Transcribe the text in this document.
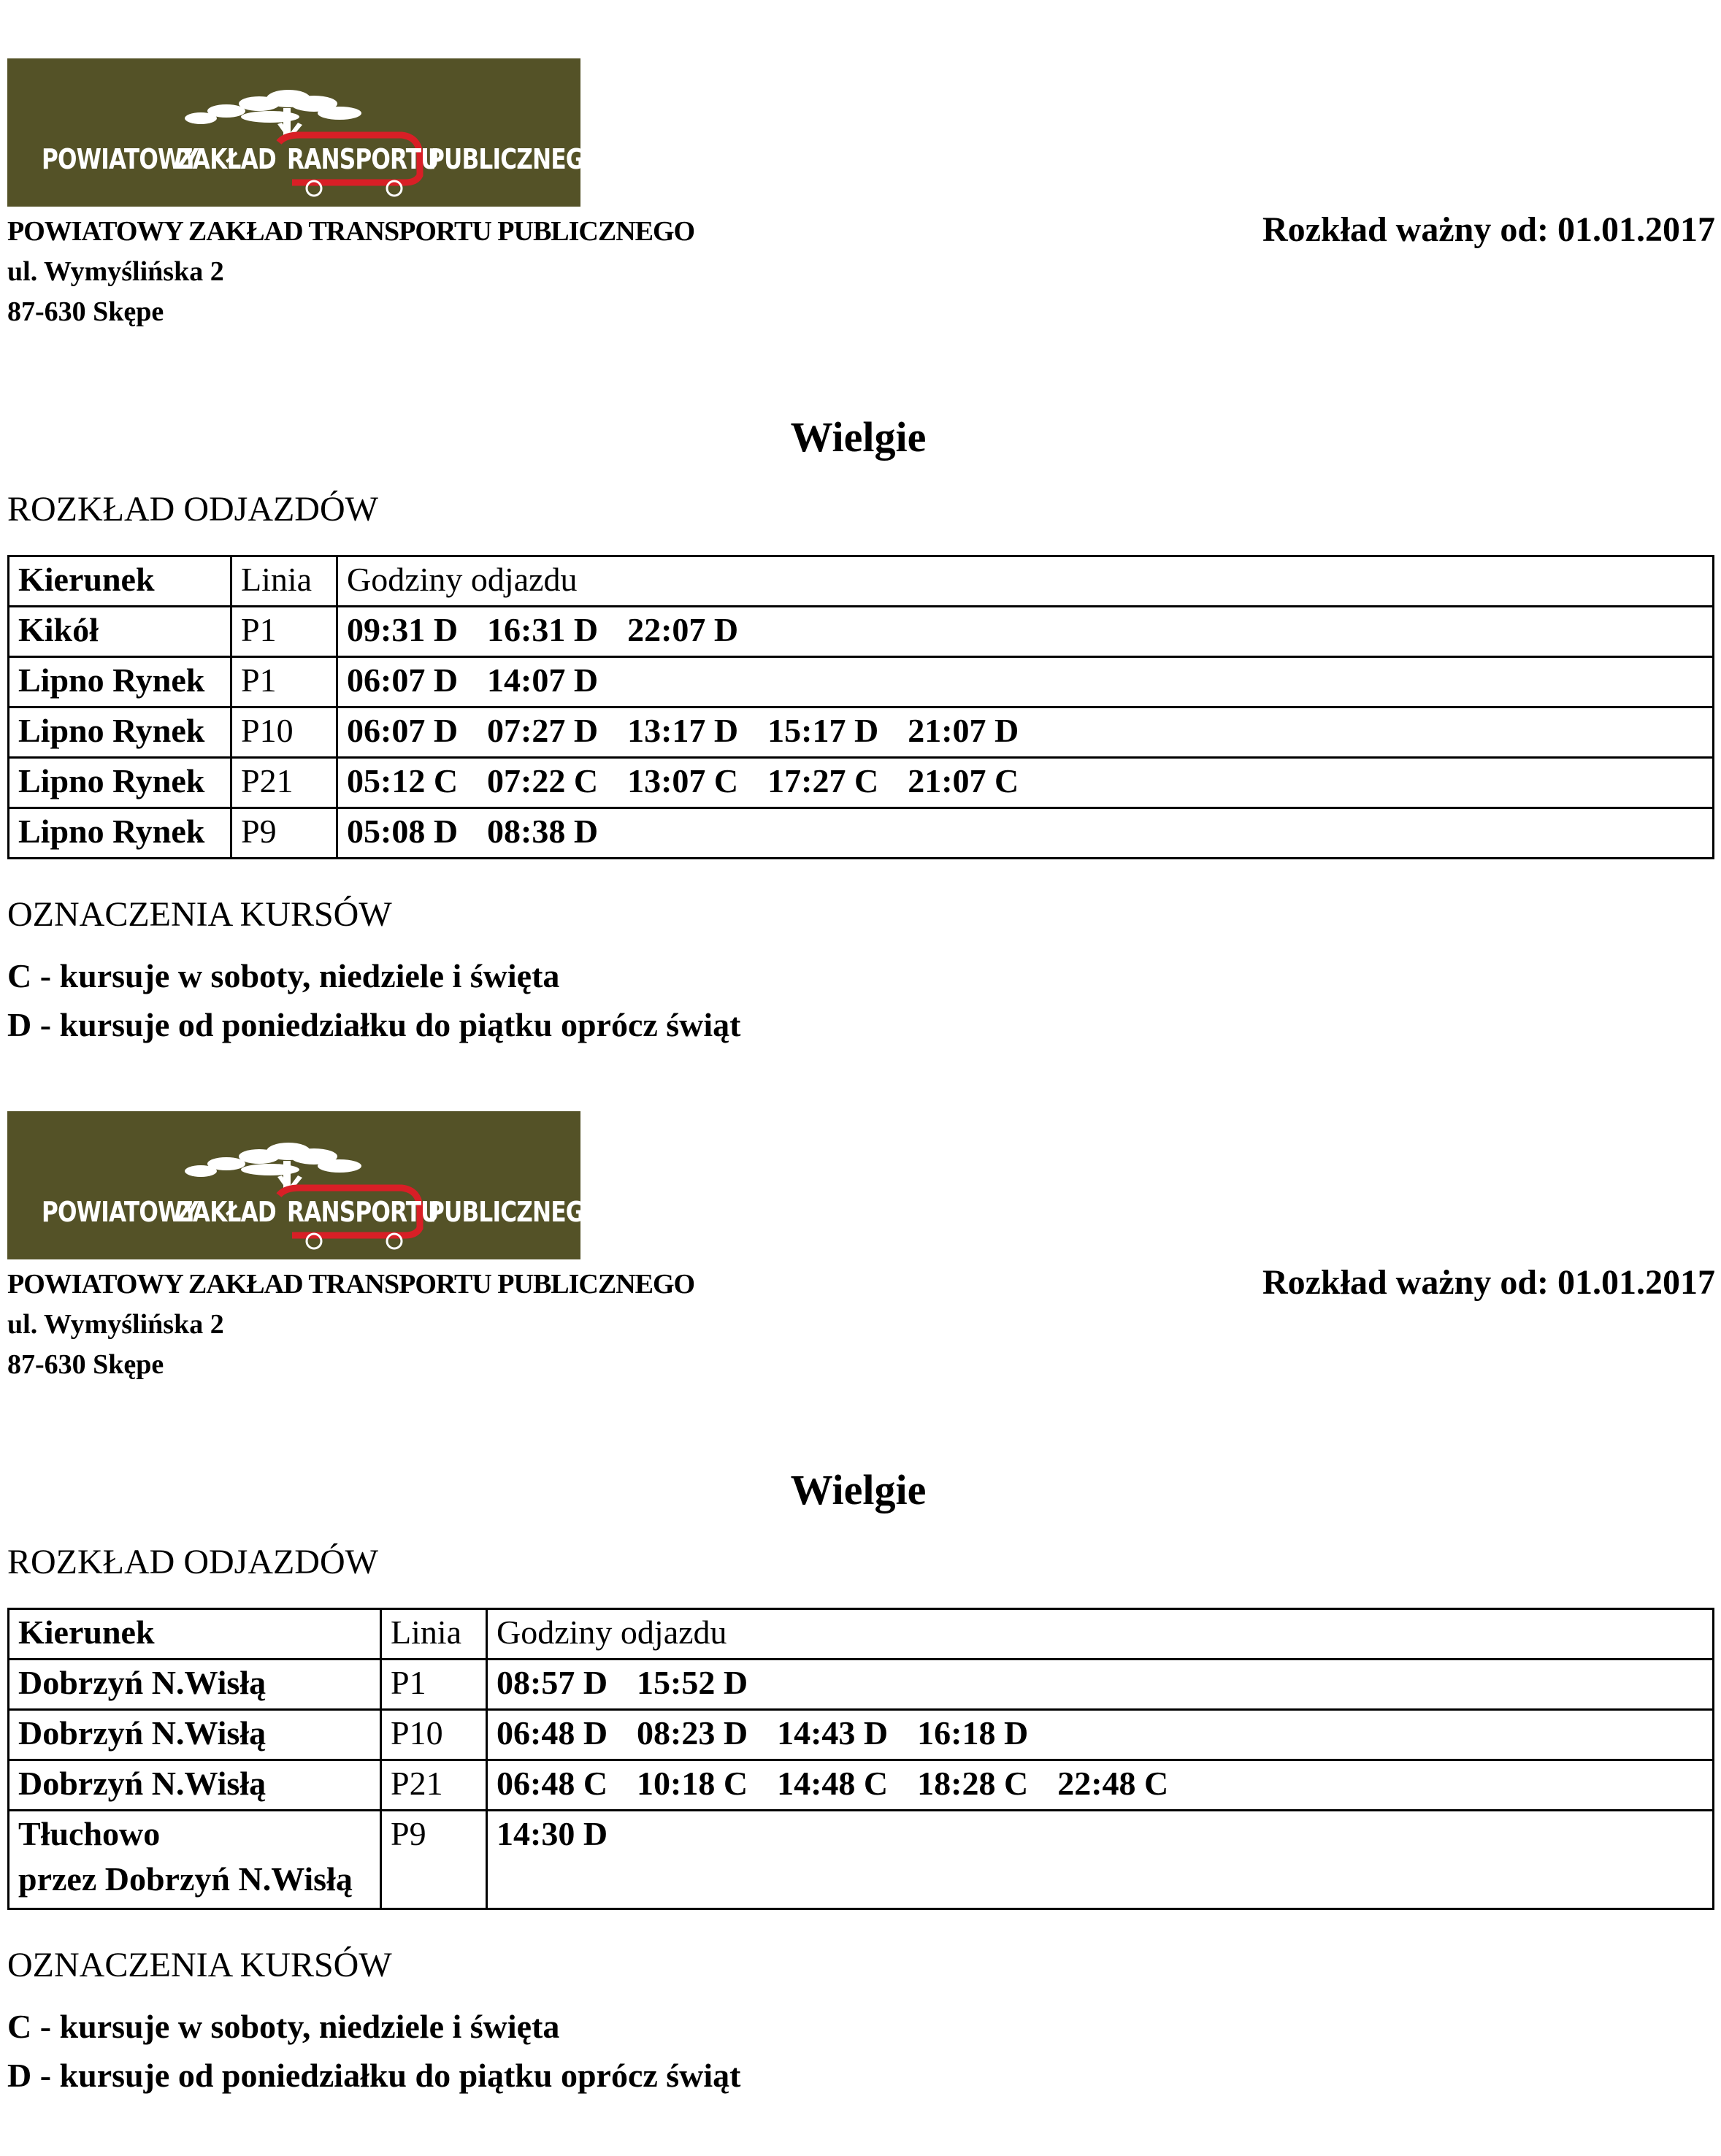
POWIATOWY
ZAKŁAD RANSPORTU
PUBLICZNEGO
POWIATOWY ZAKŁAD TRANSPORTU PUBLICZNEGO
ul. Wymyślińska 2
87-630 Skępe
Rozkład ważny od: 01.01.2017
Wielgie
ROZKŁAD ODJAZDÓW
Kierunek	Linia	Godziny odjazdu
Kikół	P1	09:31 D 16:31 D 22:07 D
Lipno Rynek	P1	06:07 D 14:07 D
Lipno Rynek	P10	06:07 D 07:27 D 13:17 D 15:17 D 21:07 D
Lipno Rynek	P21	05:12 C 07:22 C 13:07 C 17:27 C 21:07 C
Lipno Rynek	P9	05:08 D 08:38 D
OZNACZENIA KURSÓW
C - kursuje w soboty, niedziele i święta
D - kursuje od poniedziałku do piątku oprócz świąt
POWIATOWY
ZAKŁAD RANSPORTU
PUBLICZNEGO
POWIATOWY ZAKŁAD TRANSPORTU PUBLICZNEGO
ul. Wymyślińska 2
87-630 Skępe
Rozkład ważny od: 01.01.2017
Wielgie
ROZKŁAD ODJAZDÓW
Kierunek	Linia	Godziny odjazdu
Dobrzyń N.Wisłą	P1	08:57 D 15:52 D
Dobrzyń N.Wisłą	P10	06:48 D 08:23 D 14:43 D 16:18 D
Dobrzyń N.Wisłą	P21	06:48 C 10:18 C 14:48 C 18:28 C 22:48 C

Tłuchowo
przez Dobrzyń N.Wisłą	P9	14:30 D
OZNACZENIA KURSÓW
C - kursuje w soboty, niedziele i święta
D - kursuje od poniedziałku do piątku oprócz świąt
